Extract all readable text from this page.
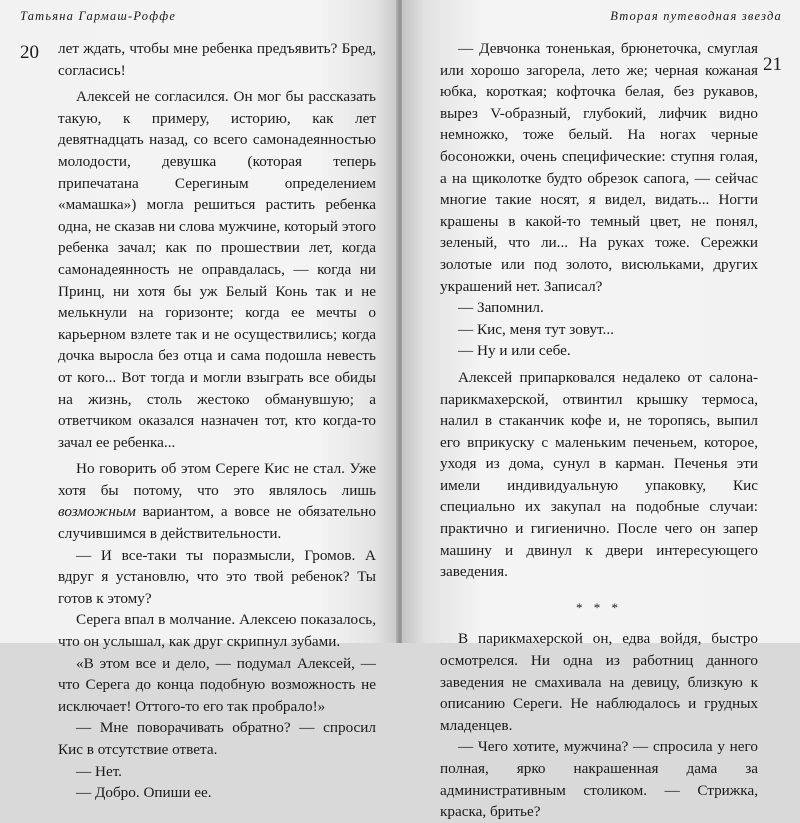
Татьяна Гармаш-Роффе
20 лет ждать, чтобы мне ребенка предъявить? Бред, согласись!

Алексей не согласился. Он мог бы рассказать такую, к примеру, историю, как лет девятнадцать назад, со всего самонадеянностью молодости, девушка (которая теперь припечатана Серегиным определением «мамашка») могла решиться растить ребенка одна, не сказав ни слова мужчине, который этого ребенка зачал; как по прошествии лет, когда самонадеянность не оправдалась, — когда ни Принц, ни хотя бы уж Белый Конь так и не мелькнули на горизонте; когда ее мечты о карьерном взлете так и не осуществились; когда дочка выросла без отца и сама подошла невесть от кого... Вот тогда и могли взыграть все обиды на жизнь, столь жестоко обманувшую; а ответчиком оказался назначен тот, кто когда-то зачал ее ребенка...

Но говорить об этом Сереге Кис не стал. Уже хотя бы потому, что это являлось лишь возможным вариантом, а вовсе не обязательно случившимся в действительности.

— И все-таки ты поразмысли, Громов. А вдруг я установлю, что это твой ребенок? Ты готов к этому?

Серега впал в молчание. Алексею показалось, что он услышал, как друг скрипнул зубами.

«В этом все и дело, — подумал Алексей, — что Серега до конца подобную возможность не исключает! Оттого-то его так пробрало!»

— Мне поворачивать обратно? — спросил Кис в отсутствие ответа.

— Нет.

— Добро. Опиши ее.

Вторая путеводная звезда
21

— Девчонка тоненькая, брюнеточка, смуглая или хорошо загорела, лето же; черная кожаная юбка, короткая; кофточка белая, без рукавов, вырез V-образный, глубокий, лифчик видно немножко, тоже белый. На ногах черные босоножки, очень специфические: ступня голая, а на щиколотке будто обрезок сапога, — сейчас многие такие носят, я видел, видать... Ногти крашены в какой-то темный цвет, не понял, зеленый, что ли... На руках тоже. Сережки золотые или под золото, висюльками, других украшений нет. Записал?

— Запомнил.

— Кис, меня тут зовут...

— Ну и или себе.

Алексей припарковался недалеко от салона-парикмахерской, отвинтил крышку термоса, налил в стаканчик кофе и, не торопясь, выпил его вприкуску с маленьким печеньем, которое, уходя из дома, сунул в карман. Печенья эти имели индивидуальную упаковку, Кис специально их закупал на подобные случаи: практично и гигиенично. После чего он запер машину и двинул к двери интересующего заведения.

* * *

В парикмахерской он, едва войдя, быстро осмотрелся. Ни одна из работниц данного заведения не смахивала на девицу, близкую к описанию Сереги. Не наблюдалось и грудных младенцев.

— Чего хотите, мужчина? — спросила у него полная, ярко накрашенная дама за административным столиком. — Стрижка, краска, бритье?
